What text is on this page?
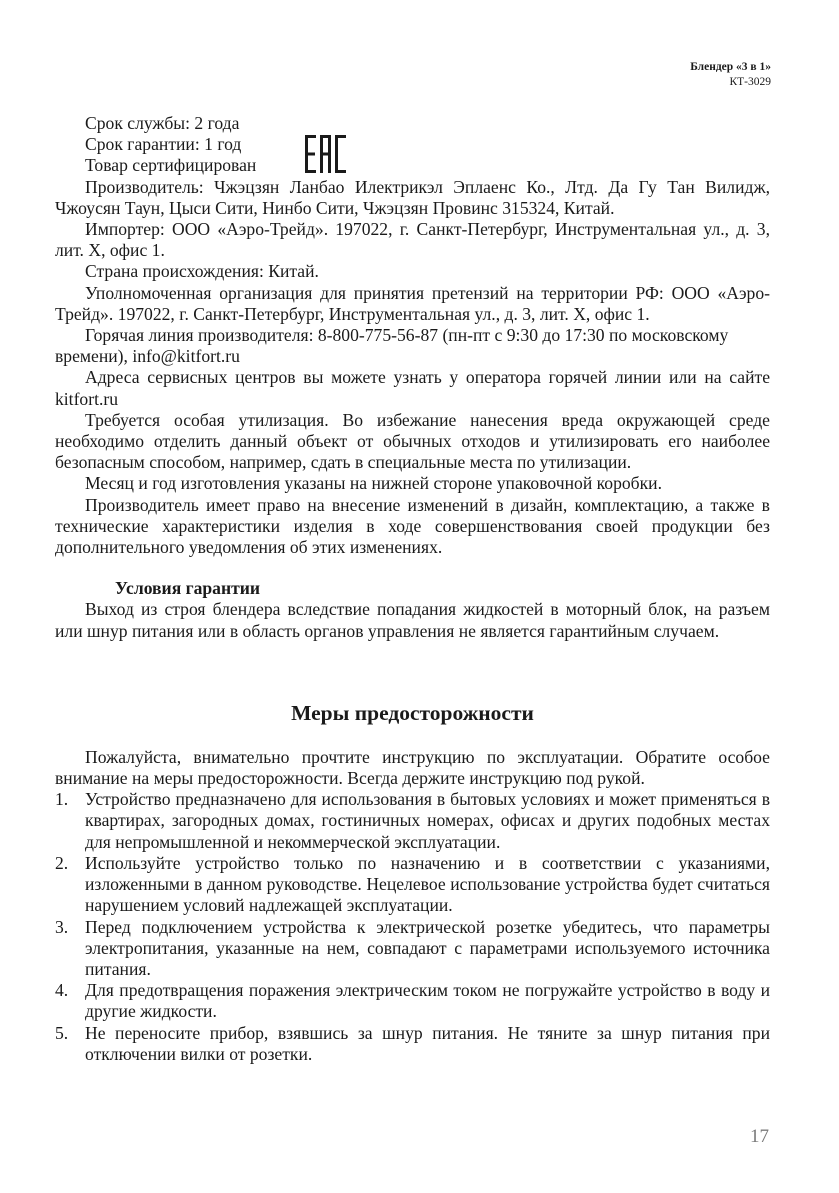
Блендер «3 в 1»
КТ-3029

Срок службы: 2 года

Срок гарантии: 1 год

Товар сертифицирован

Производитель: Чжэцзян Ланбао Илектрикэл Эплаенс Ко., Лтд. Да Гу Тан Вилидж, Чжоусян Таун, Цыси Сити, Нинбо Сити, Чжэцзян Провинс 315324, Китай.

Импортер: ООО «Аэро-Трейд». 197022, г. Санкт-Петербург, Инструментальная ул., д. 3, лит. Х, офис 1.

Страна происхождения: Китай.

Уполномоченная организация для принятия претензий на территории РФ: ООО «Аэро-Трейд». 197022, г. Санкт-Петербург, Инструментальная ул., д. 3, лит. Х, офис 1.

Горячая линия производителя: 8-800-775-56-87 (пн-пт с 9:30 до 17:30 по московскому времени), info@kitfort.ru

Адреса сервисных центров вы можете узнать у оператора горячей линии или на сайте kitfort.ru

Требуется особая утилизация. Во избежание нанесения вреда окружающей среде необходимо отделить данный объект от обычных отходов и утилизировать его наиболее безопасным способом, например, сдать в специальные места по утилизации.

Месяц и год изготовления указаны на нижней стороне упаковочной коробки.

Производитель имеет право на внесение изменений в дизайн, комплектацию, а также в технические характеристики изделия в ходе совершенствования своей продукции без дополнительного уведомления об этих изменениях.

Условия гарантии

Выход из строя блендера вследствие попадания жидкостей в моторный блок, на разъем или шнур питания или в область органов управления не является гарантийным случаем.

Меры предосторожности

Пожалуйста, внимательно прочтите инструкцию по эксплуатации. Обратите особое внимание на меры предосторожности. Всегда держите инструкцию под рукой.

1. Устройство предназначено для использования в бытовых условиях и может применяться в квартирах, загородных домах, гостиничных номерах, офисах и других подобных местах для непромышленной и некоммерческой эксплуатации.
2. Используйте устройство только по назначению и в соответствии с указаниями, изложенными в данном руководстве. Нецелевое использование устройства будет считаться нарушением условий надлежащей эксплуатации.
3. Перед подключением устройства к электрической розетке убедитесь, что параметры электропитания, указанные на нем, совпадают с параметрами используемого источника питания.
4. Для предотвращения поражения электрическим током не погружайте устройство в воду и другие жидкости.
5. Не переносите прибор, взявшись за шнур питания. Не тяните за шнур питания при отключении вилки от розетки.
17
